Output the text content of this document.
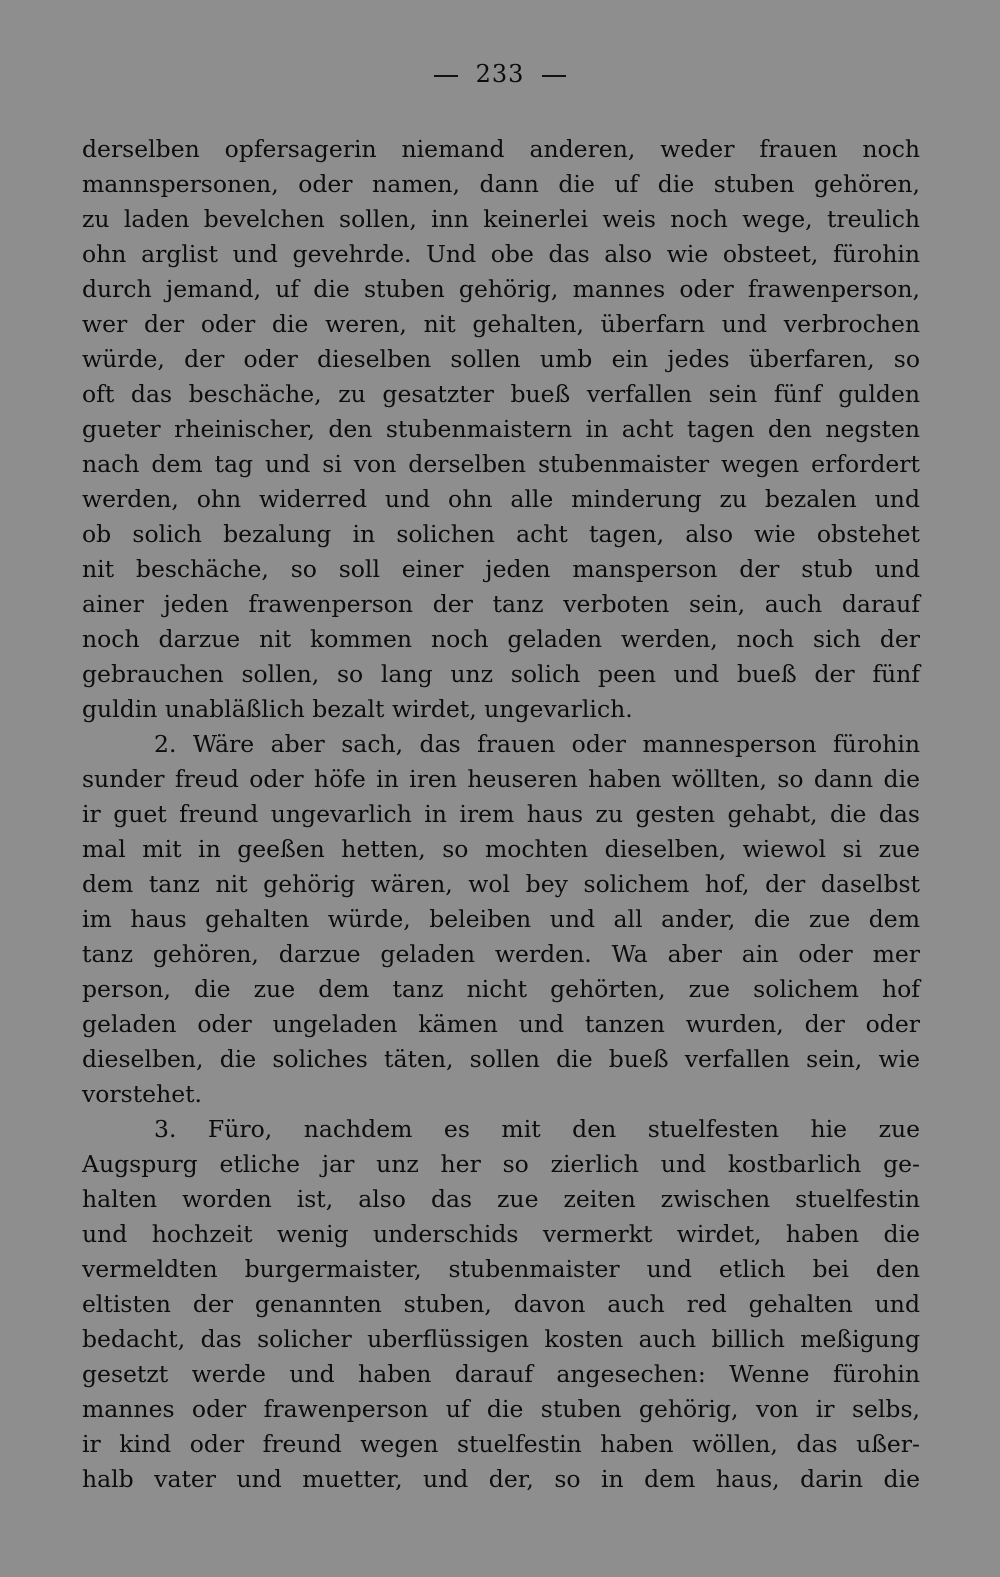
233
derselben opfersagerin niemand anderen, weder frauen noch
mannspersonen, oder namen, dann die uf die stuben gehören,
zu laden bevelchen sollen, inn keinerlei weis noch wege, treulich
ohn arglist und gevehrde. Und obe das also wie obsteet, fürohin
durch jemand, uf die stuben gehörig, mannes oder frawenperson,
wer der oder die weren, nit gehalten, überfarn und verbrochen
würde, der oder dieselben sollen umb ein jedes überfaren, so
oft das beschäche, zu gesatzter bueß verfallen sein fünf gulden
gueter rheinischer, den stubenmaistern in acht tagen den negsten
nach dem tag und si von derselben stubenmaister wegen erfordert
werden, ohn widerred und ohn alle minderung zu bezalen und
ob solich bezalung in solichen acht tagen, also wie obstehet
nit beschäche, so soll einer jeden mansperson der stub und
ainer jeden frawenperson der tanz verboten sein, auch darauf
noch darzue nit kommen noch geladen werden, noch sich der
gebrauchen sollen, so lang unz solich peen und bueß der fünf
guldin unabläßlich bezalt wirdet, ungevarlich.
2. Wäre aber sach, das frauen oder mannesperson fürohin
sunder freud oder höfe in iren heuseren haben wöllten, so dann die
ir guet freund ungevarlich in irem haus zu gesten gehabt, die das
mal mit in geeßen hetten, so mochten dieselben, wiewol si zue
dem tanz nit gehörig wären, wol bey solichem hof, der daselbst
im haus gehalten würde, beleiben und all ander, die zue dem
tanz gehören, darzue geladen werden. Wa aber ain oder mer
person, die zue dem tanz nicht gehörten, zue solichem hof
geladen oder ungeladen kämen und tanzen wurden, der oder
dieselben, die soliches täten, sollen die bueß verfallen sein, wie
vorstehet.
3. Füro, nachdem es mit den stuelfesten hie zue
Augspurg etliche jar unz her so zierlich und kostbarlich ge-
halten worden ist, also das zue zeiten zwischen stuelfestin
und hochzeit wenig underschids vermerkt wirdet, haben die
vermeldten burgermaister, stubenmaister und etlich bei den
eltisten der genannten stuben, davon auch red gehalten und
bedacht, das solicher uberflüssigen kosten auch billich meßigung
gesetzt werde und haben darauf angesechen: Wenne fürohin
mannes oder frawenperson uf die stuben gehörig, von ir selbs,
ir kind oder freund wegen stuelfestin haben wöllen, das ußer-
halb vater und muetter, und der, so in dem haus, darin die
